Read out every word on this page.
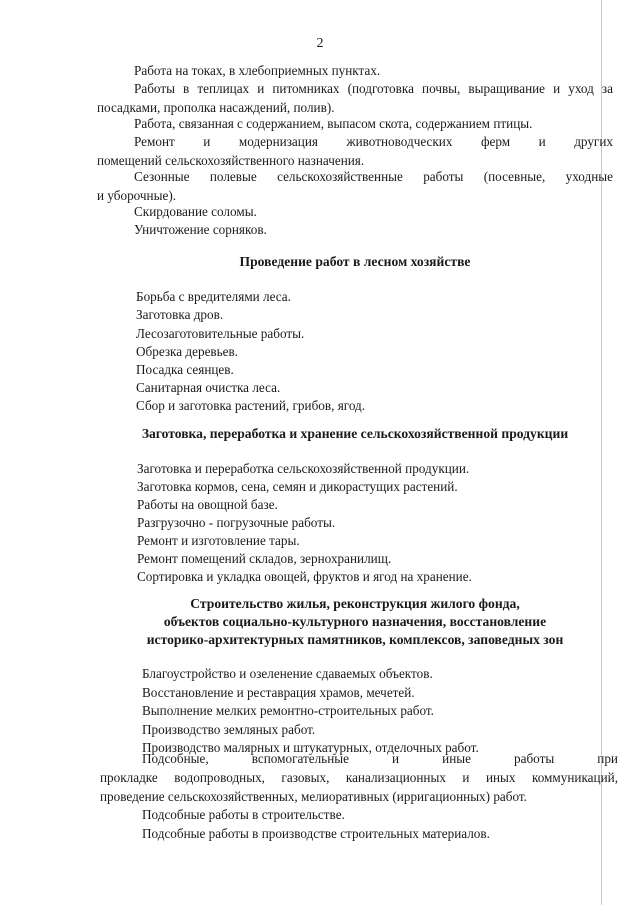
2
Работа на токах, в хлебоприемных пунктах.
Работы в теплицах и питомниках (подготовка почвы, выращивание и уход за
посадками, прополка насаждений, полив).
Работа, связанная с содержанием, выпасом скота, содержанием птицы.
Ремонт и модернизация животноводческих ферм и других
помещений сельскохозяйственного назначения.
Сезонные полевые сельскохозяйственные работы (посевные, уходные
и уборочные).
Скирдование соломы.
Уничтожение сорняков.
Проведение работ в лесном хозяйстве
Борьба с вредителями леса.
Заготовка дров.
Лесозаготовительные работы.
Обрезка деревьев.
Посадка сеянцев.
Санитарная очистка леса.
Сбор и заготовка растений, грибов, ягод.
Заготовка, переработка и хранение сельскохозяйственной продукции
Заготовка и переработка сельскохозяйственной продукции.
Заготовка кормов, сена, семян и дикорастущих растений.
Работы на овощной базе.
Разгрузочно - погрузочные работы.
Ремонт и изготовление тары.
Ремонт помещений складов, зернохранилищ.
Сортировка и укладка овощей, фруктов и ягод на хранение.
Строительство жилья, реконструкция жилого фонда,
объектов социально-культурного назначения, восстановление
историко-архитектурных памятников, комплексов, заповедных зон
Благоустройство и озеленение сдаваемых объектов.
Восстановление и реставрация храмов, мечетей.
Выполнение мелких ремонтно-строительных работ.
Производство земляных работ.
Производство малярных и штукатурных, отделочных работ.
Подсобные, вспомогательные и иные работы при
прокладке водопроводных, газовых, канализационных и иных коммуникаций,
проведение сельскохозяйственных, мелиоративных (ирригационных) работ.
Подсобные работы в строительстве.
Подсобные работы в производстве строительных материалов.
